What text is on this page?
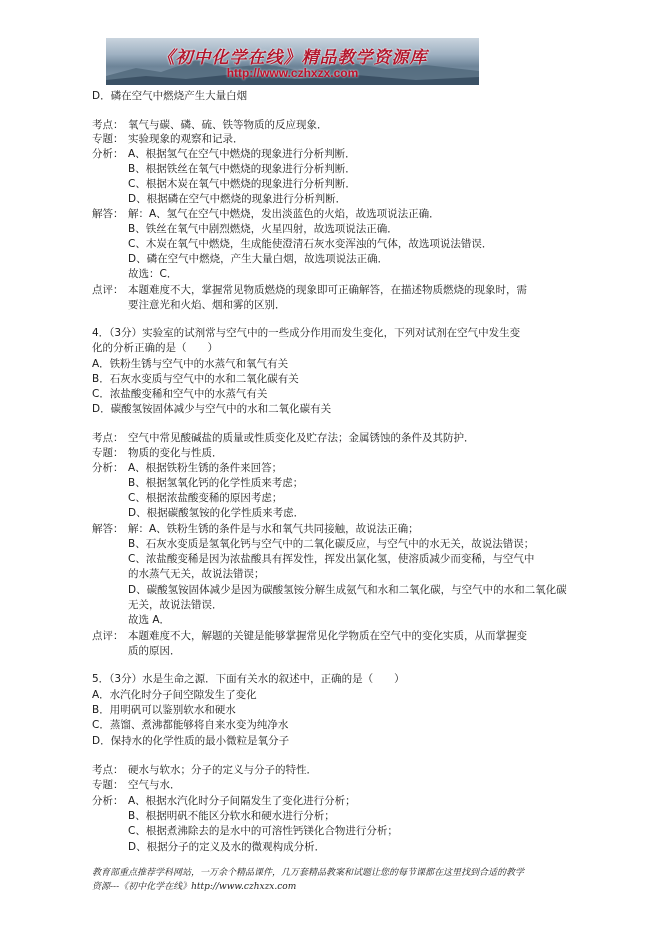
《初中化学在线》精品教学资源库
http://www.czhxzx.com
D．磷在空气中燃烧产生大量白烟
考点： 氧气与碳、磷、硫、铁等物质的反应现象．
专题： 实验现象的观察和记录．
分析： A、根据氢气在空气中燃烧的现象进行分析判断．
B、根据铁丝在氧气中燃烧的现象进行分析判断．
C、根据木炭在氧气中燃烧的现象进行分析判断．
D、根据磷在空气中燃烧的现象进行分析判断．
解答： 解：A、氢气在空气中燃烧，发出淡蓝色的火焰，故选项说法正确．
B、铁丝在氧气中剧烈燃烧，火星四射，故选项说法正确．
C、木炭在氧气中燃烧，生成能使澄清石灰水变浑浊的气体，故选项说法错误．
D、磷在空气中燃烧，产生大量白烟，故选项说法正确．
故选：C．
点评： 本题难度不大，掌握常见物质燃烧的现象即可正确解答，在描述物质燃烧的现象时，需
要注意光和火焰、烟和雾的区别．
4．（3分）实验室的试剂常与空气中的一些成分作用而发生变化，下列对试剂在空气中发生变
化的分析正确的是（　　）
A．铁粉生锈与空气中的水蒸气和氧气有关
B．石灰水变质与空气中的水和二氧化碳有关
C．浓盐酸变稀和空气中的水蒸气有关
D．碳酸氢铵固体减少与空气中的水和二氧化碳有关
考点： 空气中常见酸碱盐的质量或性质变化及贮存法；金属锈蚀的条件及其防护．
专题： 物质的变化与性质．
分析： A、根据铁粉生锈的条件来回答；
B、根据氢氧化钙的化学性质来考虑；
C、根据浓盐酸变稀的原因考虑；
D、根据碳酸氢铵的化学性质来考虑．
解答： 解：A、铁粉生锈的条件是与水和氧气共同接触，故说法正确；
B、石灰水变质是氢氧化钙与空气中的二氧化碳反应，与空气中的水无关，故说法错误；
C、浓盐酸变稀是因为浓盐酸具有挥发性，挥发出氯化氢，使溶质减少而变稀，与空气中
的水蒸气无关，故说法错误；
D、碳酸氢铵固体减少是因为碳酸氢铵分解生成氨气和水和二氧化碳，与空气中的水和二氧化碳
无关，故说法错误．
故选 A．
点评： 本题难度不大，解题的关键是能够掌握常见化学物质在空气中的变化实质，从而掌握变
质的原因．
5．（3分）水是生命之源．下面有关水的叙述中，正确的是（　　）
A．水汽化时分子间空隙发生了变化
B．用明矾可以鉴别软水和硬水
C．蒸馏、煮沸都能够将自来水变为纯净水
D．保持水的化学性质的最小微粒是氧分子
考点： 硬水与软水；分子的定义与分子的特性．
专题： 空气与水．
分析： A、根据水汽化时分子间隔发生了变化进行分析；
B、根据明矾不能区分软水和硬水进行分析；
C、根据煮沸除去的是水中的可溶性钙镁化合物进行分析；
D、根据分子的定义及水的微观构成分析．
教育部重点推荐学科网站，一万余个精品课件，几万套精品教案和试题让您的每节课都在这里找到合适的教学
资源---《初中化学在线》http://www.czhxzx.com
